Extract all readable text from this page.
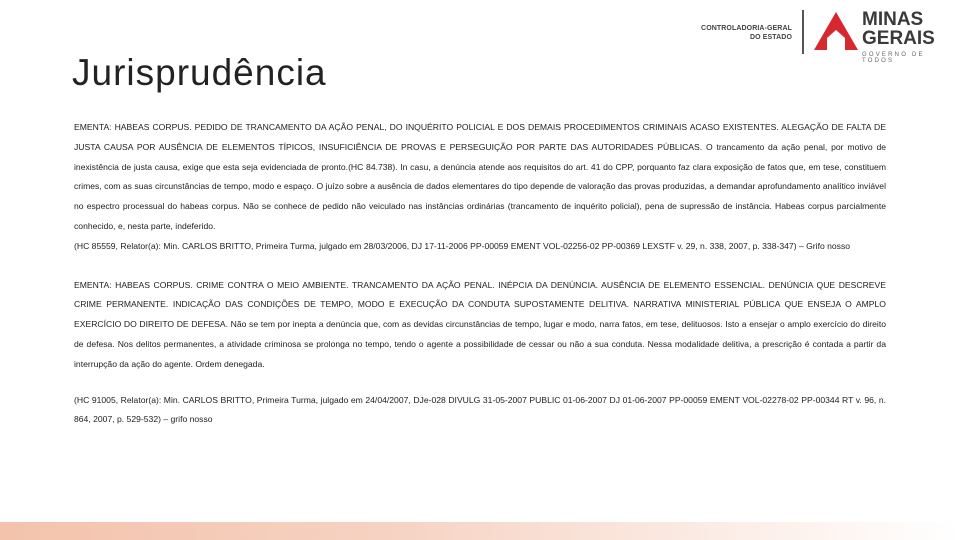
CONTROLADORIA-GERAL
DO ESTADO
MINAS
GERAIS
GOVERNO DE TODOS
Jurisprudência

EMENTA: HABEAS CORPUS. PEDIDO DE TRANCAMENTO DA AÇÃO PENAL, DO INQUÉRITO POLICIAL E DOS DEMAIS PROCEDIMENTOS CRIMINAIS ACASO EXISTENTES. ALEGAÇÃO DE FALTA DE JUSTA CAUSA POR AUSÊNCIA DE ELEMENTOS TÍPICOS, INSUFICIÊNCIA DE PROVAS E PERSEGUIÇÃO POR PARTE DAS AUTORIDADES PÚBLICAS. O trancamento da ação penal, por motivo de inexistência de justa causa, exige que esta seja evidenciada de pronto.(HC 84.738). In casu, a denúncia atende aos requisitos do art. 41 do CPP, porquanto faz clara exposição de fatos que, em tese, constituem crimes, com as suas circunstâncias de tempo, modo e espaço. O juízo sobre a ausência de dados elementares do tipo depende de valoração das provas produzidas, a demandar aprofundamento analítico inviável no espectro processual do habeas corpus. Não se conhece de pedido não veiculado nas instâncias ordinárias (trancamento de inquérito policial), pena de supressão de instância. Habeas corpus parcialmente conhecido, e, nesta parte, indeferido.

(HC 85559, Relator(a): Min. CARLOS BRITTO, Primeira Turma, julgado em 28/03/2006, DJ 17-11-2006 PP-00059 EMENT VOL-02256-02 PP-00369 LEXSTF v. 29, n. 338, 2007, p. 338-347) – Grifo nosso

EMENTA: HABEAS CORPUS. CRIME CONTRA O MEIO AMBIENTE. TRANCAMENTO DA AÇÃO PENAL. INÉPCIA DA DENÚNCIA. AUSÊNCIA DE ELEMENTO ESSENCIAL. DENÚNCIA QUE DESCREVE CRIME PERMANENTE. INDICAÇÃO DAS CONDIÇÕES DE TEMPO, MODO E EXECUÇÃO DA CONDUTA SUPOSTAMENTE DELITIVA. NARRATIVA MINISTERIAL PÚBLICA QUE ENSEJA O AMPLO EXERCÍCIO DO DIREITO DE DEFESA. Não se tem por inepta a denúncia que, com as devidas circunstâncias de tempo, lugar e modo, narra fatos, em tese, delituosos. Isto a ensejar o amplo exercício do direito de defesa. Nos delitos permanentes, a atividade criminosa se prolonga no tempo, tendo o agente a possibilidade de cessar ou não a sua conduta. Nessa modalidade delitiva, a prescrição é contada a partir da interrupção da ação do agente. Ordem denegada.

(HC 91005, Relator(a): Min. CARLOS BRITTO, Primeira Turma, julgado em 24/04/2007, DJe-028 DIVULG 31-05-2007 PUBLIC 01-06-2007 DJ 01-06-2007 PP-00059 EMENT VOL-02278-02 PP-00344 RT v. 96, n. 864, 2007, p. 529-532) – grifo nosso
